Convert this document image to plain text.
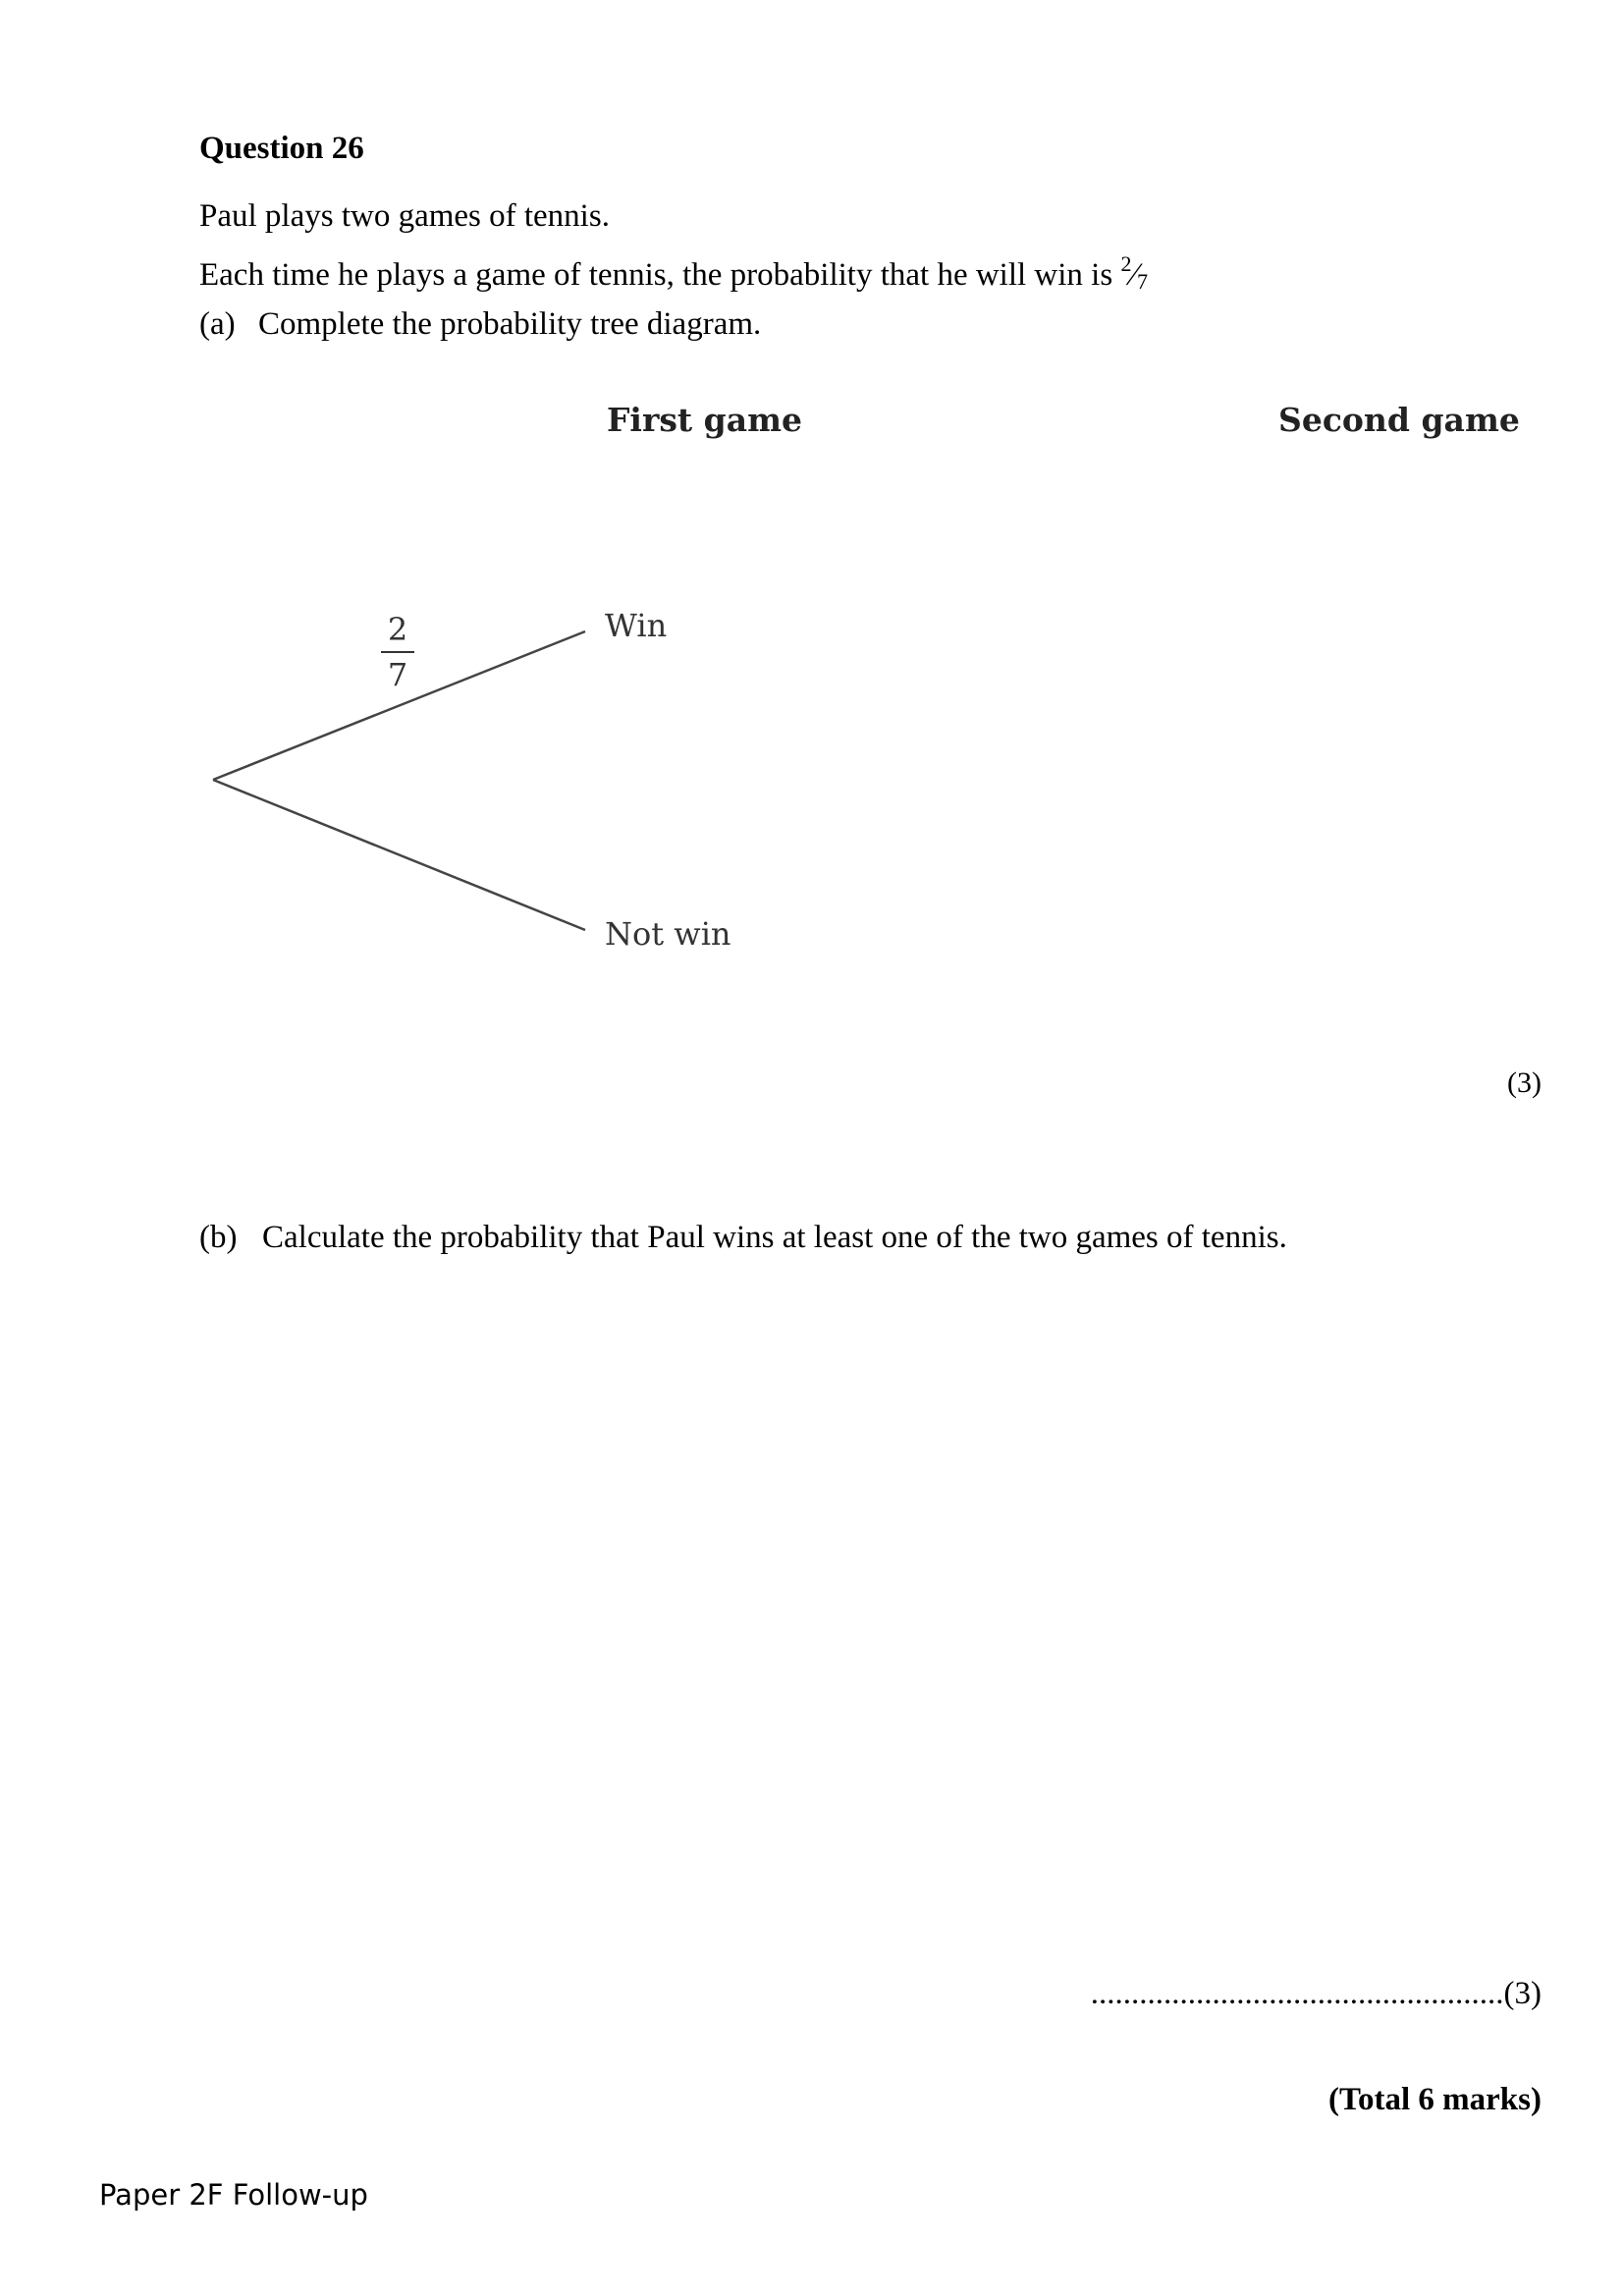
Question 26
Paul plays two games of tennis.
Each time he plays a game of tennis, the probability that he will win is $^2⁄_7$
(a) Complete the probability tree diagram.
First game	Second game
2
7
Win
Not win
(3)
(b) Calculate the probability that Paul wins at least one of the two games of tennis.
...................................................(3)
(Total 6 marks)
Paper 2F Follow-up
